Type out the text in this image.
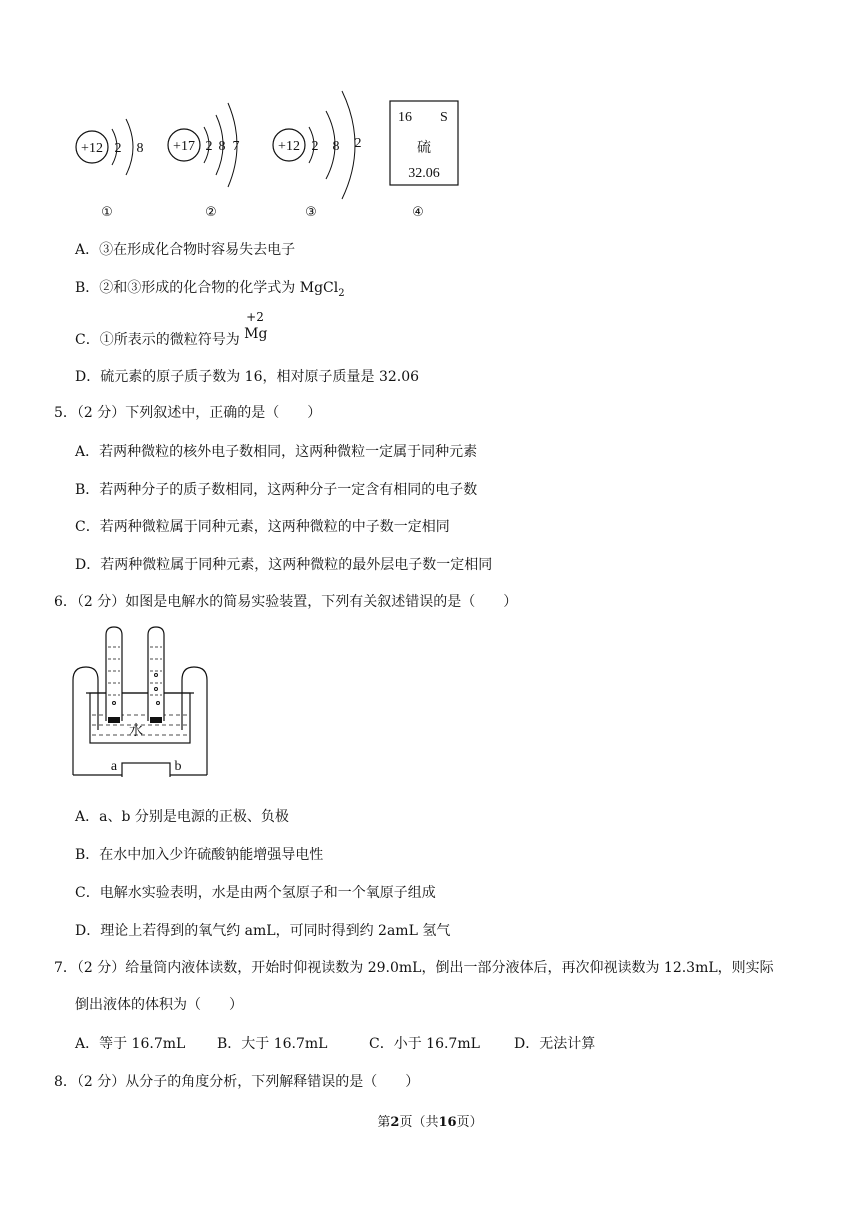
+12 2 8 +17 2 8 7	+12 2 8 2
16 S
硫
32.06
①	②	③	④
A．③在形成化合物时容易失去电子
B．②和③形成的化合物的化学式为 MgCl$_2$
C．①所表示的微粒符号为
+2
Mg
D．硫元素的原子质子数为 16，相对原子质量是 32.06
5．（2 分）下列叙述中，正确的是（　　）
A．若两种微粒的核外电子数相同，这两种微粒一定属于同种元素
B．若两种分子的质子数相同，这两种分子一定含有相同的电子数
C．若两种微粒属于同种元素，这两种微粒的中子数一定相同
D．若两种微粒属于同种元素，这两种微粒的最外层电子数一定相同
6．（2 分）如图是电解水的简易实验装置，下列有关叙述错误的是（　　）
a	b
水
A．a、b 分别是电源的正极、负极
B．在水中加入少许硫酸钠能增强导电性
C．电解水实验表明，水是由两个氢原子和一个氧原子组成
D．理论上若得到的氧气约 amL，可同时得到约 2amL 氢气
7．（2 分）给量筒内液体读数，开始时仰视读数为 29.0mL，倒出一部分液体后，再次仰视读数为 12.3mL，则实际
倒出液体的体积为（　　）
A．等于 16.7mL B．大于 16.7mL	C．小于 16.7mL D．无法计算
8．（2 分）从分子的角度分析，下列解释错误的是（　　）
第2页（共16页）
